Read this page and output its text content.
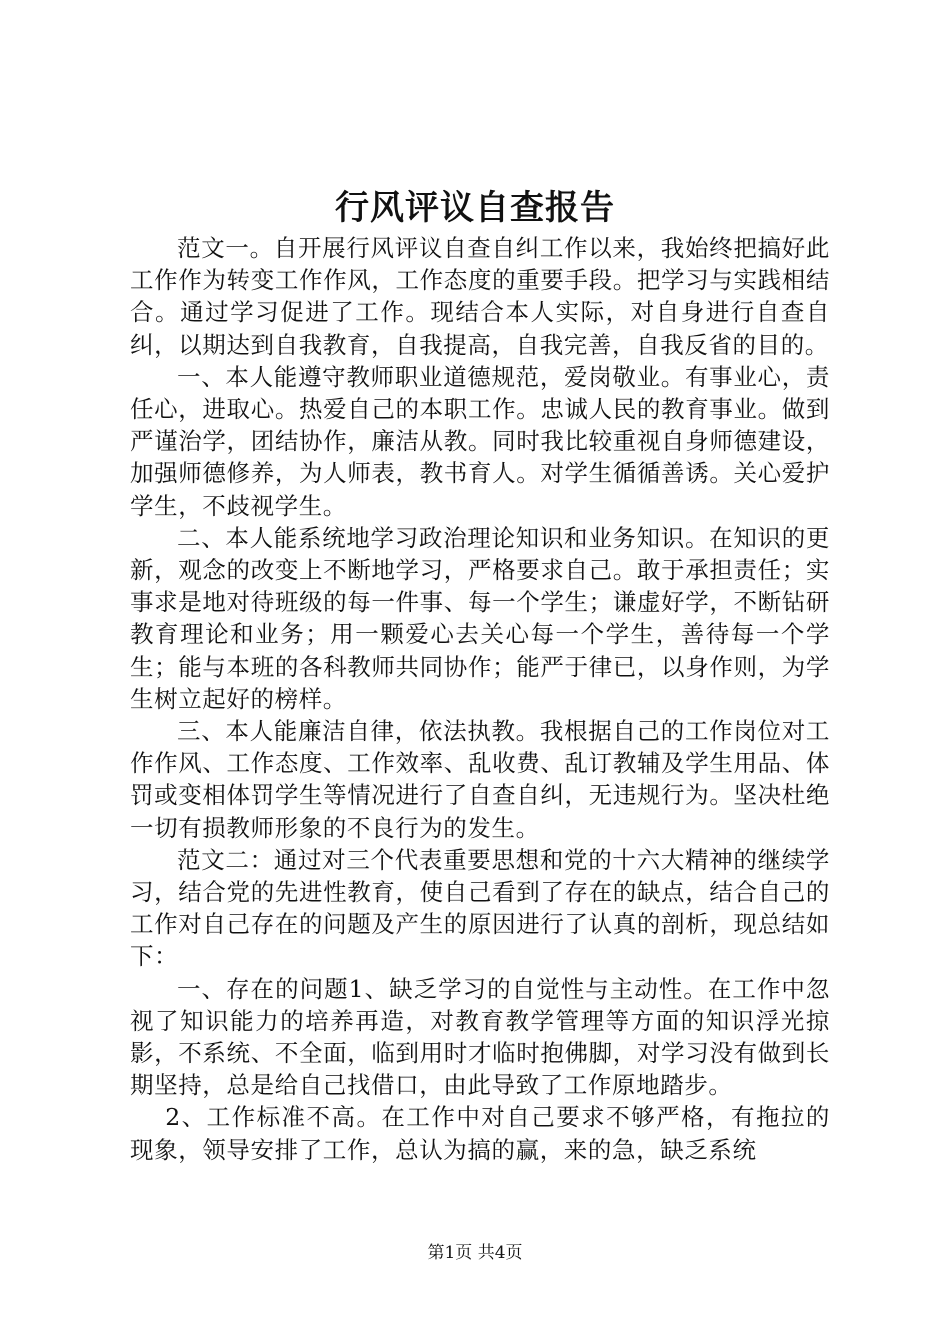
行风评议自查报告

范文一。自开展行风评议自查自纠工作以来，我始终把搞好此工作作为转变工作作风，工作态度的重要手段。把学习与实践相结合。通过学习促进了工作。现结合本人实际，对自身进行自查自纠，以期达到自我教育，自我提高，自我完善，自我反省的目的。

一、本人能遵守教师职业道德规范，爱岗敬业。有事业心，责任心，进取心。热爱自己的本职工作。忠诚人民的教育事业。做到严谨治学，团结协作，廉洁从教。同时我比较重视自身师德建设，加强师德修养，为人师表，教书育人。对学生循循善诱。关心爱护学生，不歧视学生。

二、本人能系统地学习政治理论知识和业务知识。在知识的更新，观念的改变上不断地学习，严格要求自己。敢于承担责任；实事求是地对待班级的每一件事、每一个学生；谦虚好学，不断钻研教育理论和业务；用一颗爱心去关心每一个学生，善待每一个学生；能与本班的各科教师共同协作；能严于律已，以身作则，为学生树立起好的榜样。

三、本人能廉洁自律，依法执教。我根据自己的工作岗位对工作作风、工作态度、工作效率、乱收费、乱订教辅及学生用品、体罚或变相体罚学生等情况进行了自查自纠，无违规行为。坚决杜绝一切有损教师形象的不良行为的发生。

范文二：通过对三个代表重要思想和党的十六大精神的继续学习，结合党的先进性教育，使自己看到了存在的缺点，结合自己的工作对自己存在的问题及产生的原因进行了认真的剖析，现总结如下：

一、存在的问题1、缺乏学习的自觉性与主动性。在工作中忽视了知识能力的培养再造，对教育教学管理等方面的知识浮光掠影，不系统、不全面，临到用时才临时抱佛脚，对学习没有做到长期坚持，总是给自己找借口，由此导致了工作原地踏步。

2、工作标准不高。在工作中对自己要求不够严格，有拖拉的现象，领导安排了工作，总认为搞的赢，来的急，缺乏系统

第1页 共4页
